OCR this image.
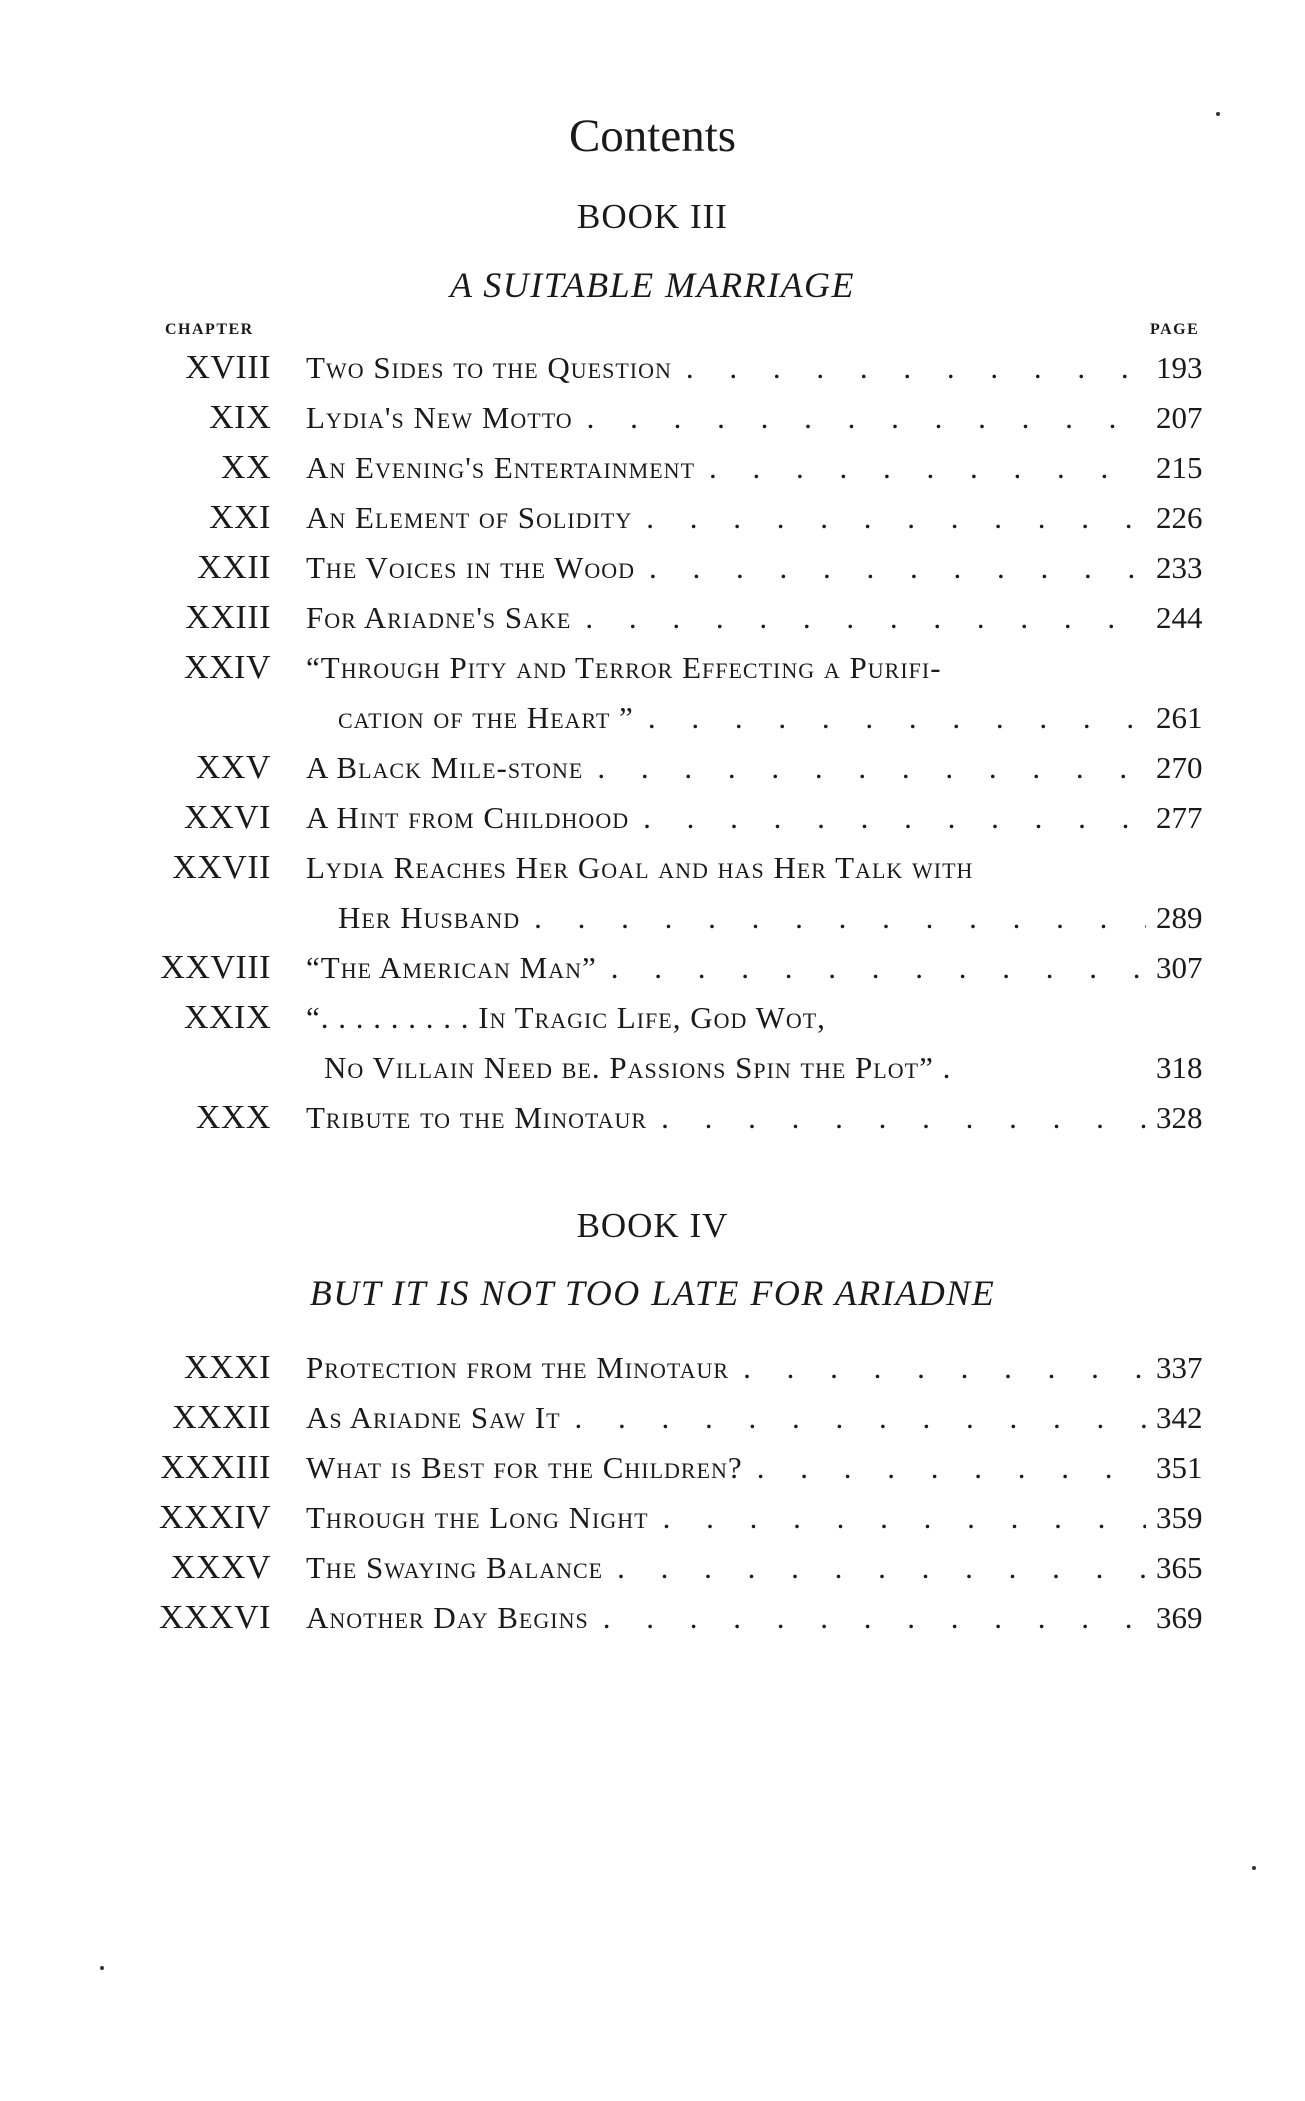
Contents
BOOK III
A SUITABLE MARRIAGE
CHAPTER	PAGE
XVIII Two Sides to the Question . . .	193
XIX Lydia's New Motto . . .	207
XX An Evening's Entertainment . . .	215
XXI An Element of Solidity . . .	226
XXII The Voices in the Wood . . .	233
XXIII For Ariadne's Sake . . .	244
XXIV “Through Pity and Terror Effecting a Purifi-
cation of the Heart ” . . .	261
XXV A Black Mile-stone . . .	270
XXVI A Hint from Childhood . . .	277
XXVII Lydia Reaches Her Goal and has Her Talk with
Her Husband . . .	289
XXVIII “The American Man” . . .	307
XXIX “. . . . . . . . . In Tragic Life, God Wot,
No Villain Need be. Passions Spin the Plot” .	318
XXX Tribute to the Minotaur . . .	328
BOOK IV
BUT IT IS NOT TOO LATE FOR ARIADNE
XXXI Protection from the Minotaur . . .	337
XXXII As Ariadne Saw It . . .	342
XXXIII What is Best for the Children? . . .	351
XXXIV Through the Long Night . . .	359
XXXV The Swaying Balance . . .	365
XXXVI Another Day Begins . . .	369
